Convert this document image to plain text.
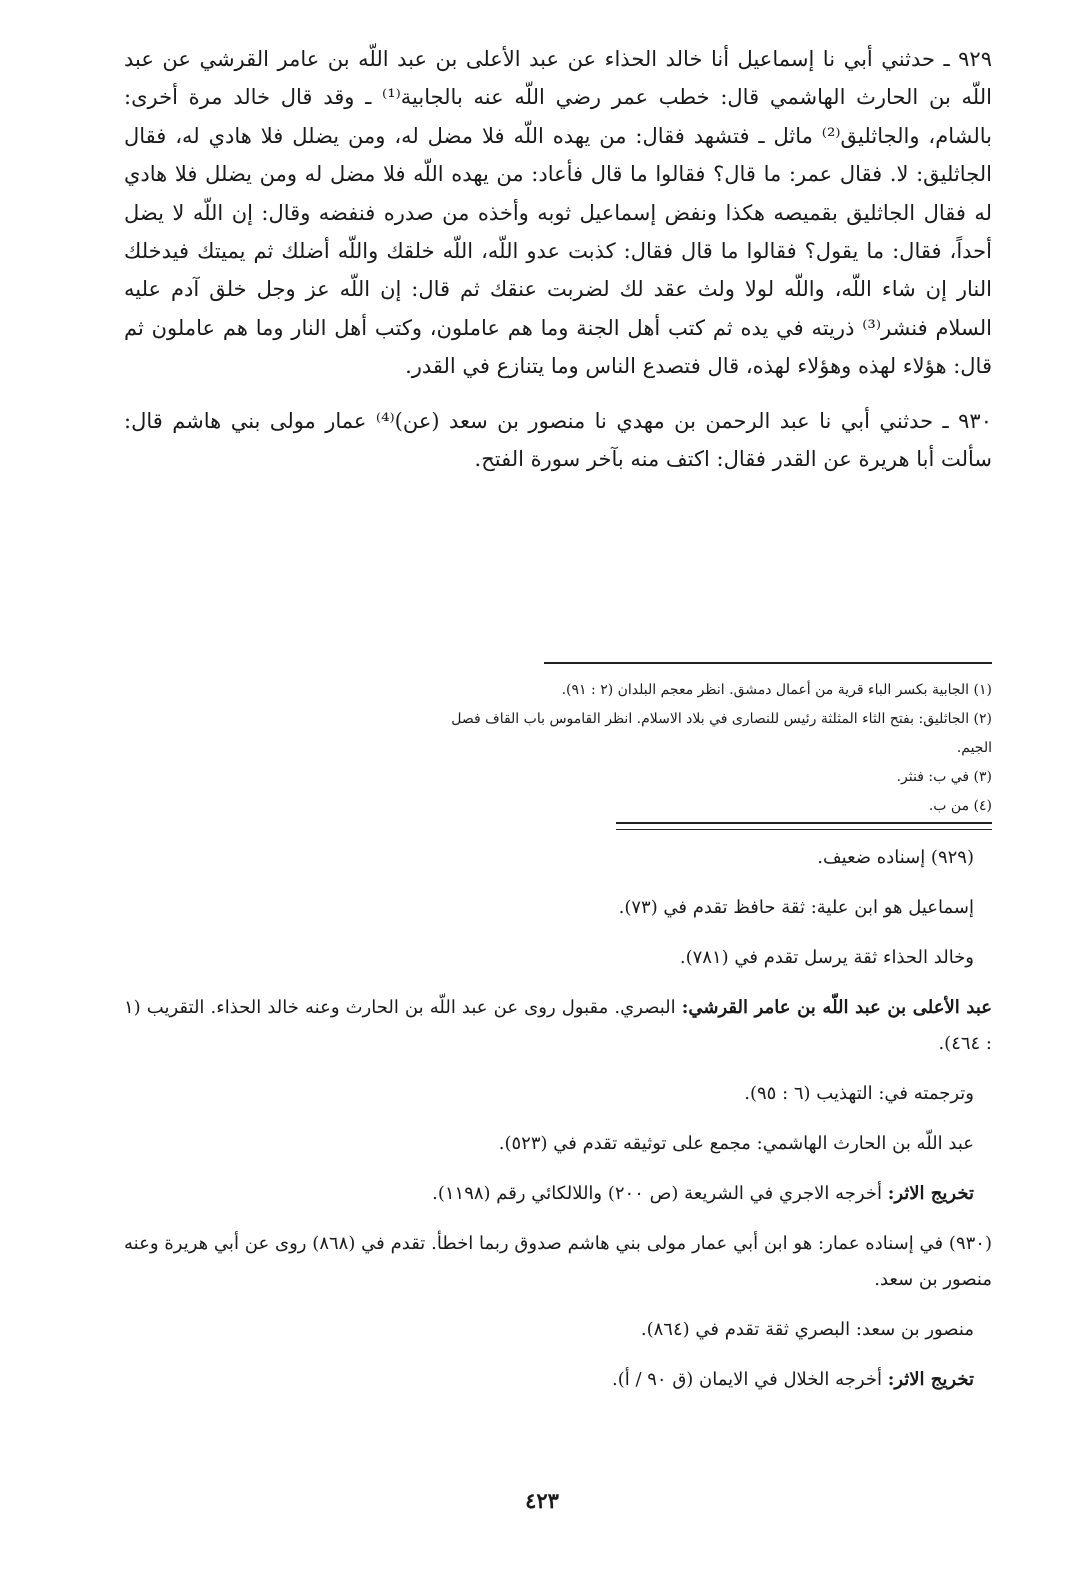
٩٢٩ ـ حدثني أبي نا إسماعيل أنا خالد الحذاء عن عبد الأعلى بن عبد اللّه بن عامر القرشي عن عبد اللّه بن الحارث الهاشمي قال: خطب عمر رضي اللّه عنه بالجابية⁽¹⁾ ـ وقد قال خالد مرة أخرى: بالشام، والجاثليق⁽²⁾ ماثل ـ فتشهد فقال: من يهده اللّه فلا مضل له، ومن يضلل فلا هادي له، فقال الجاثليق: لا. فقال عمر: ما قال؟ فقالوا ما قال فأعاد: من يهده اللّه فلا مضل له ومن يضلل فلا هادي له فقال الجاثليق بقميصه هكذا ونفض إسماعيل ثوبه وأخذه من صدره فنفضه وقال: إن اللّه لا يضل أحداً، فقال: ما يقول؟ فقالوا ما قال فقال: كذبت عدو اللّه، اللّه خلقك واللّه أضلك ثم يميتك فيدخلك النار إن شاء اللّه، واللّه لولا ولث عقد لك لضربت عنقك ثم قال: إن اللّه عز وجل خلق آدم عليه السلام فنشر⁽³⁾ ذريته في يده ثم كتب أهل الجنة وما هم عاملون، وكتب أهل النار وما هم عاملون ثم قال: هؤلاء لهذه وهؤلاء لهذه، قال فتصدع الناس وما يتنازع في القدر.

٩٣٠ ـ حدثني أبي نا عبد الرحمن بن مهدي نا منصور بن سعد (عن)⁽⁴⁾ عمار مولى بني هاشم قال: سألت أبا هريرة عن القدر فقال: اكتف منه بآخر سورة الفتح.

(١) الجابية بكسر الباء قرية من أعمال دمشق. انظر معجم البلدان (٢ : ٩١).

(٢) الجاثليق: بفتح الثاء المثلثة رئيس للنصارى في بلاد الاسلام. انظر القاموس باب القاف فصل الجيم.

(٣) في ب: فنثر.

(٤) من ب.

(٩٢٩) إسناده ضعيف.

إسماعيل هو ابن علية: ثقة حافظ تقدم في (٧٣).

وخالد الحذاء ثقة يرسل تقدم في (٧٨١).

عبد الأعلى بن عبد اللّه بن عامر القرشي: البصري. مقبول روى عن عبد اللّه بن الحارث وعنه خالد الحذاء. التقريب (١ : ٤٦٤).

وترجمته في: التهذيب (٦ : ٩٥).

عبد اللّه بن الحارث الهاشمي: مجمع على توثيقه تقدم في (٥٢٣).

تخريج الاثر: أخرجه الاجري في الشريعة (ص ٢٠٠) واللالكائي رقم (١١٩٨).

(٩٣٠) في إسناده عمار: هو ابن أبي عمار مولى بني هاشم صدوق ربما اخطأ. تقدم في (٨٦٨) روى عن أبي هريرة وعنه منصور بن سعد.

منصور بن سعد: البصري ثقة تقدم في (٨٦٤).

تخريج الاثر: أخرجه الخلال في الايمان (ق ٩٠ / أ).

٤٢٣
